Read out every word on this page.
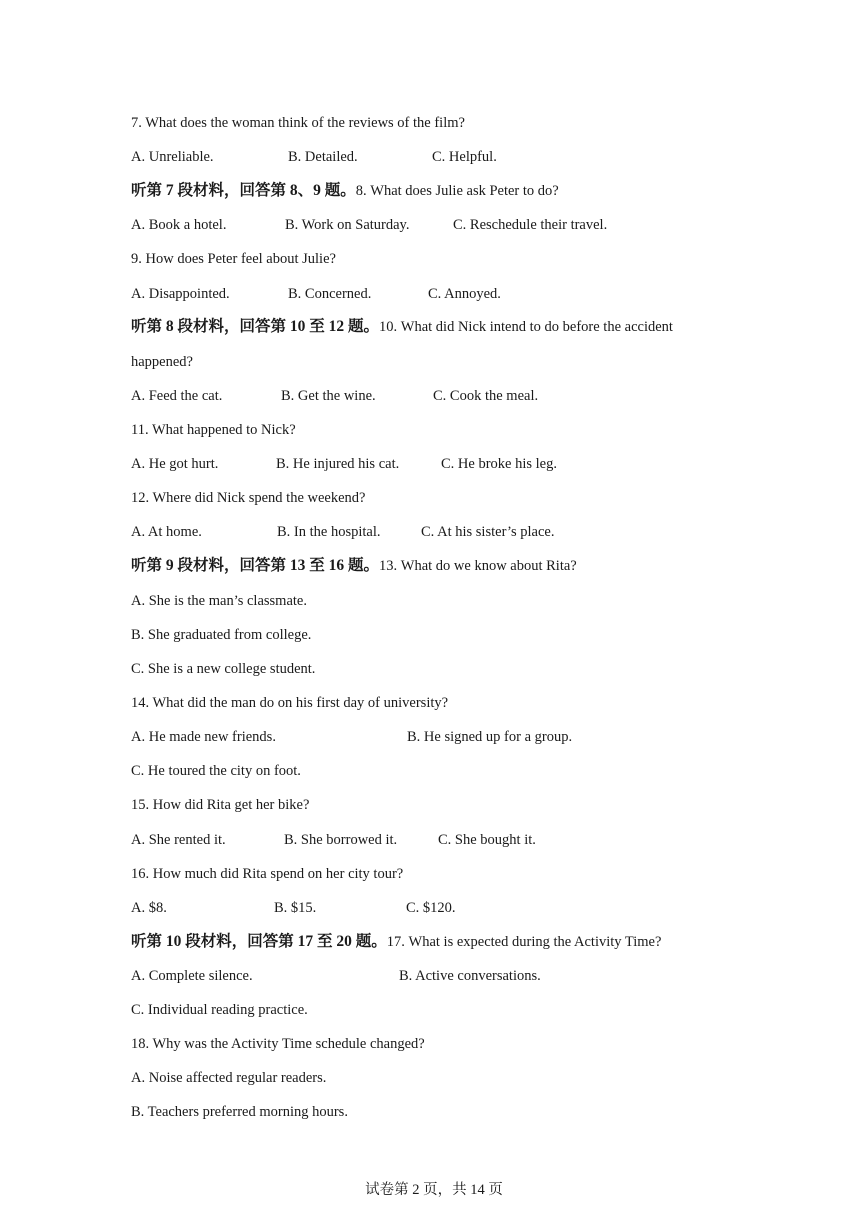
7. What does the woman think of the reviews of the film?
A. Unreliable.	B. Detailed.	C. Helpful.
听第 7 段材料，回答第 8、9 题。8. What does Julie ask Peter to do?
A. Book a hotel.	B. Work on Saturday.	C. Reschedule their travel.
9. How does Peter feel about Julie?
A. Disappointed.	B. Concerned.	C. Annoyed.
听第 8 段材料，回答第 10 至 12 题。10. What did Nick intend to do before the accident
happened?
A. Feed the cat.	B. Get the wine.	C. Cook the meal.
11. What happened to Nick?
A. He got hurt.	B. He injured his cat.	C. He broke his leg.
12. Where did Nick spend the weekend?
A. At home.	B. In the hospital.	C. At his sister’s place.
听第 9 段材料，回答第 13 至 16 题。13. What do we know about Rita?
A. She is the man’s classmate.
B. She graduated from college.
C. She is a new college student.
14. What did the man do on his first day of university?
A. He made new friends.	B. He signed up for a group.
C. He toured the city on foot.
15. How did Rita get her bike?
A. She rented it.	B. She borrowed it.	C. She bought it.
16. How much did Rita spend on her city tour?
A. $8.	B. $15.	C. $120.
听第 10 段材料，回答第 17 至 20 题。17. What is expected during the Activity Time?
A. Complete silence.	B. Active conversations.
C. Individual reading practice.
18. Why was the Activity Time schedule changed?
A. Noise affected regular readers.
B. Teachers preferred morning hours.
试卷第 2 页，共 14 页
